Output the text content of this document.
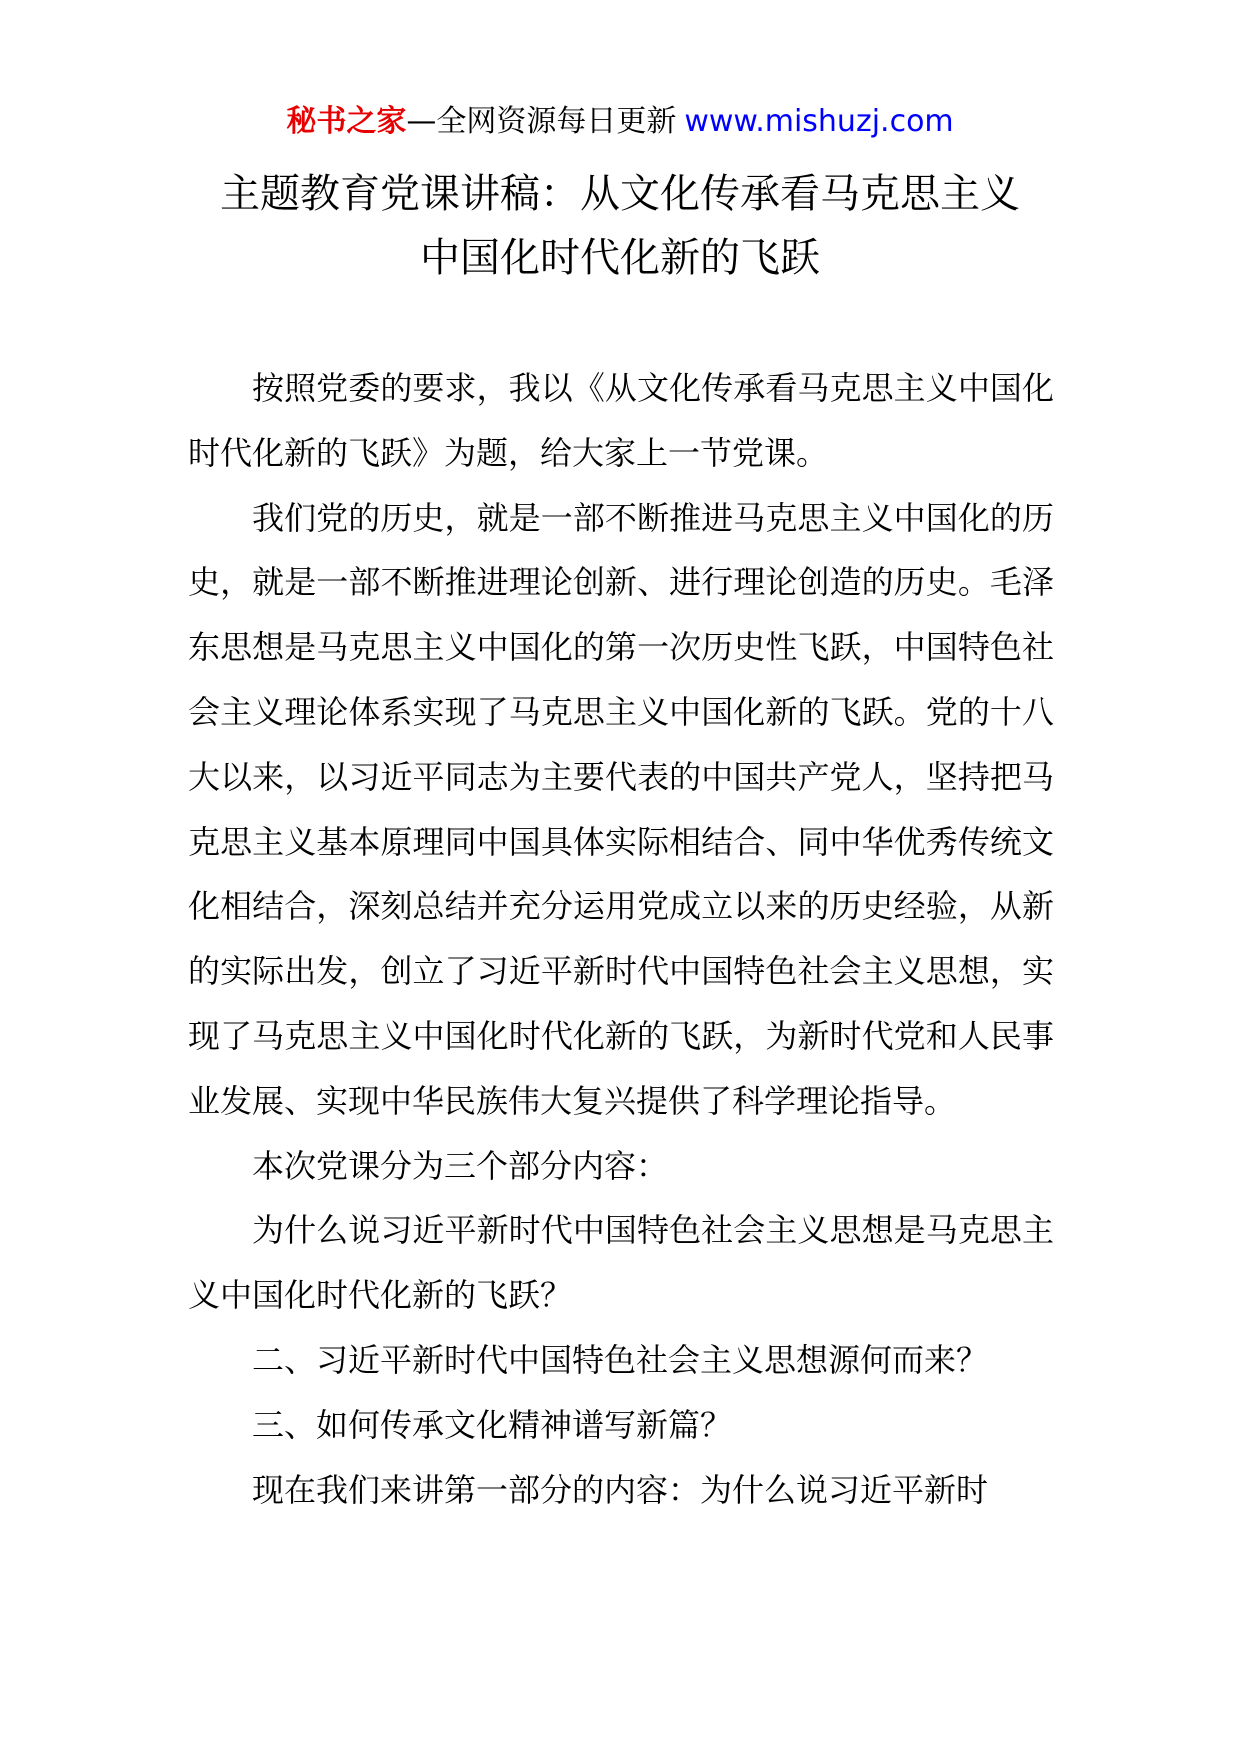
秘书之家—全网资源每日更新 www.mishuzj.com
主题教育党课讲稿：从文化传承看马克思主义
中国化时代化新的飞跃

按照党委的要求，我以《从文化传承看马克思主义中国化时代化新的飞跃》为题，给大家上一节党课。

我们党的历史，就是一部不断推进马克思主义中国化的历史，就是一部不断推进理论创新、进行理论创造的历史。毛泽东思想是马克思主义中国化的第一次历史性飞跃，中国特色社会主义理论体系实现了马克思主义中国化新的飞跃。党的十八大以来，以习近平同志为主要代表的中国共产党人，坚持把马克思主义基本原理同中国具体实际相结合、同中华优秀传统文化相结合，深刻总结并充分运用党成立以来的历史经验，从新的实际出发，创立了习近平新时代中国特色社会主义思想，实现了马克思主义中国化时代化新的飞跃，为新时代党和人民事业发展、实现中华民族伟大复兴提供了科学理论指导。

本次党课分为三个部分内容：

为什么说习近平新时代中国特色社会主义思想是马克思主义中国化时代化新的飞跃？

二、习近平新时代中国特色社会主义思想源何而来？

三、如何传承文化精神谱写新篇？

现在我们来讲第一部分的内容：为什么说习近平新时
